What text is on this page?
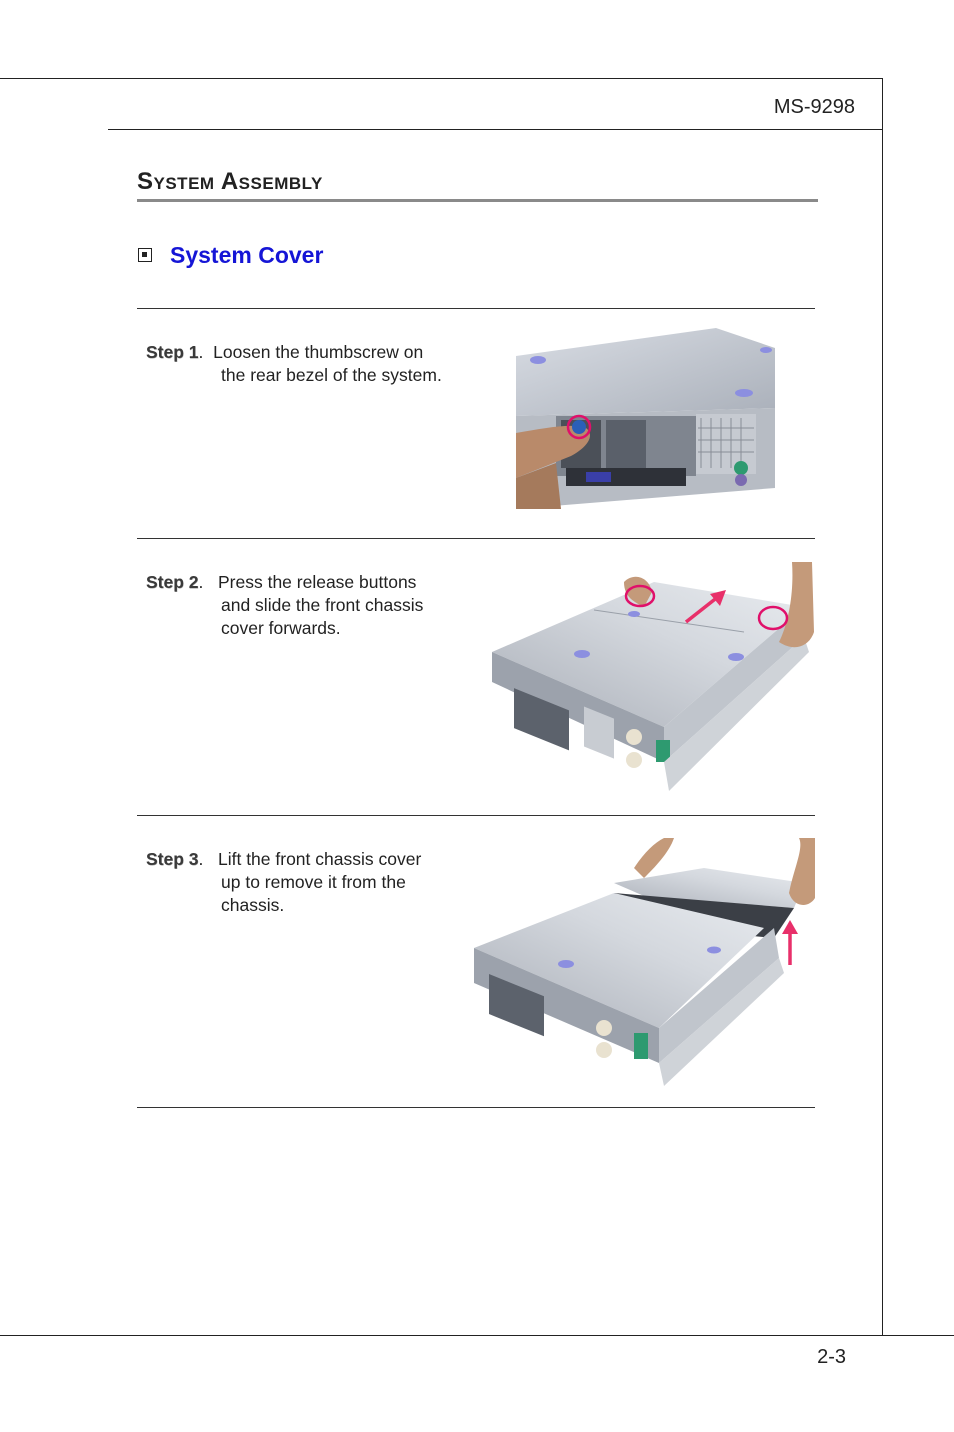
MS-9298
System Assembly
System Cover
Step 1.  Loosen the thumbscrew on
the rear bezel of the system.
Step 2.   Press the release buttons
and slide the front chassis
cover forwards.
Step 3.   Lift the front chassis cover
up to remove it from the
chassis.
2-3
